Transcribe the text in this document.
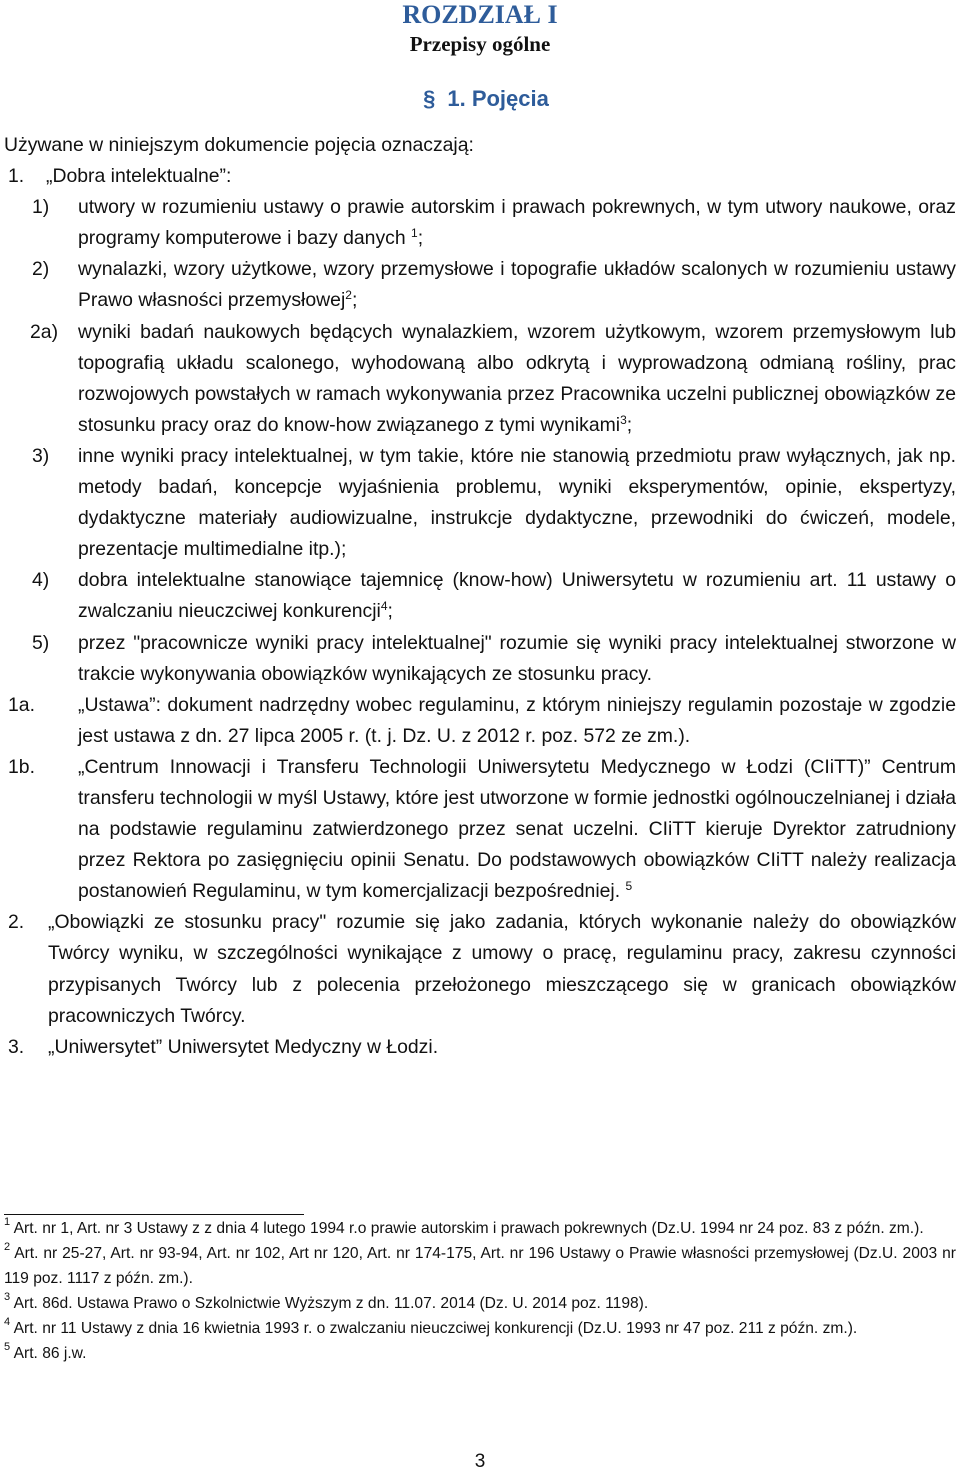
ROZDZIAŁ I
Przepisy ogólne
§ 1. Pojęcia

Używane w niniejszym dokumencie pojęcia oznaczają:

1.	„Dobra intelektualne”:
1)	utwory w rozumieniu ustawy o prawie autorskim i prawach pokrewnych, w tym utwory naukowe, oraz programy komputerowe i bazy danych $^1$;
2)	wynalazki, wzory użytkowe, wzory przemysłowe i topografie układów scalonych w rozumieniu ustawy Prawo własności przemysłowej$^2$;
2a)	wyniki badań naukowych będących wynalazkiem, wzorem użytkowym, wzorem przemysłowym lub topografią układu scalonego, wyhodowaną albo odkrytą i wyprowadzoną odmianą rośliny, prac rozwojowych powstałych w ramach wykonywania przez Pracownika uczelni publicznej obowiązków ze stosunku pracy oraz do know-how związanego z tymi wynikami$^3$;
3)	inne wyniki pracy intelektualnej, w tym takie, które nie stanowią przedmiotu praw wyłącznych, jak np. metody badań, koncepcje wyjaśnienia problemu, wyniki eksperymentów, opinie, ekspertyzy, dydaktyczne materiały audiowizualne, instrukcje dydaktyczne, przewodniki do ćwiczeń, modele, prezentacje multimedialne itp.);
4)	dobra intelektualne stanowiące tajemnicę (know-how) Uniwersytetu w rozumieniu art. 11 ustawy o zwalczaniu nieuczciwej konkurencji$^4$;
5)	przez "pracownicze wyniki pracy intelektualnej" rozumie się wyniki pracy intelektualnej stworzone w trakcie wykonywania obowiązków wynikających ze stosunku pracy.
1a.	„Ustawa”: dokument nadrzędny wobec regulaminu, z którym niniejszy regulamin pozostaje w zgodzie jest ustawa z dn. 27 lipca 2005 r. (t. j. Dz. U. z 2012 r. poz. 572 ze zm.).
1b.	„Centrum Innowacji i Transferu Technologii Uniwersytetu Medycznego w Łodzi (CIiTT)” Centrum transferu technologii w myśl Ustawy, które jest utworzone w formie jednostki ogólnouczelnianej i działa na podstawie regulaminu zatwierdzonego przez senat uczelni. CIiTT kieruje Dyrektor zatrudniony przez Rektora po zasięgnięciu opinii Senatu. Do podstawowych obowiązków CIiTT należy realizacja postanowień Regulaminu, w tym komercjalizacji bezpośredniej. $^5$
2.	„Obowiązki ze stosunku pracy" rozumie się jako zadania, których wykonanie należy do obowiązków Twórcy wyniku, w szczególności wynikające z umowy o pracę, regulaminu pracy, zakresu czynności przypisanych Twórcy lub z polecenia przełożonego mieszczącego się w granicach obowiązków pracowniczych Twórcy.
3.	„Uniwersytet” Uniwersytet Medyczny w Łodzi.

$^1$ Art. nr 1, Art. nr 3 Ustawy z z dnia 4 lutego 1994 r.o prawie autorskim i prawach pokrewnych (Dz.U. 1994 nr 24 poz. 83 z późn. zm.).

$^2$ Art. nr 25-27, Art. nr 93-94, Art. nr 102, Art nr 120, Art. nr 174-175, Art. nr 196 Ustawy o Prawie własności przemysłowej (Dz.U. 2003 nr 119 poz. 1117 z późn. zm.).

$^3$ Art. 86d. Ustawa Prawo o Szkolnictwie Wyższym z dn. 11.07. 2014 (Dz. U. 2014 poz. 1198).

$^4$ Art. nr 11 Ustawy z dnia 16 kwietnia 1993 r. o zwalczaniu nieuczciwej konkurencji (Dz.U. 1993 nr 47 poz. 211 z późn. zm.).

$^5$ Art. 86 j.w.

3
